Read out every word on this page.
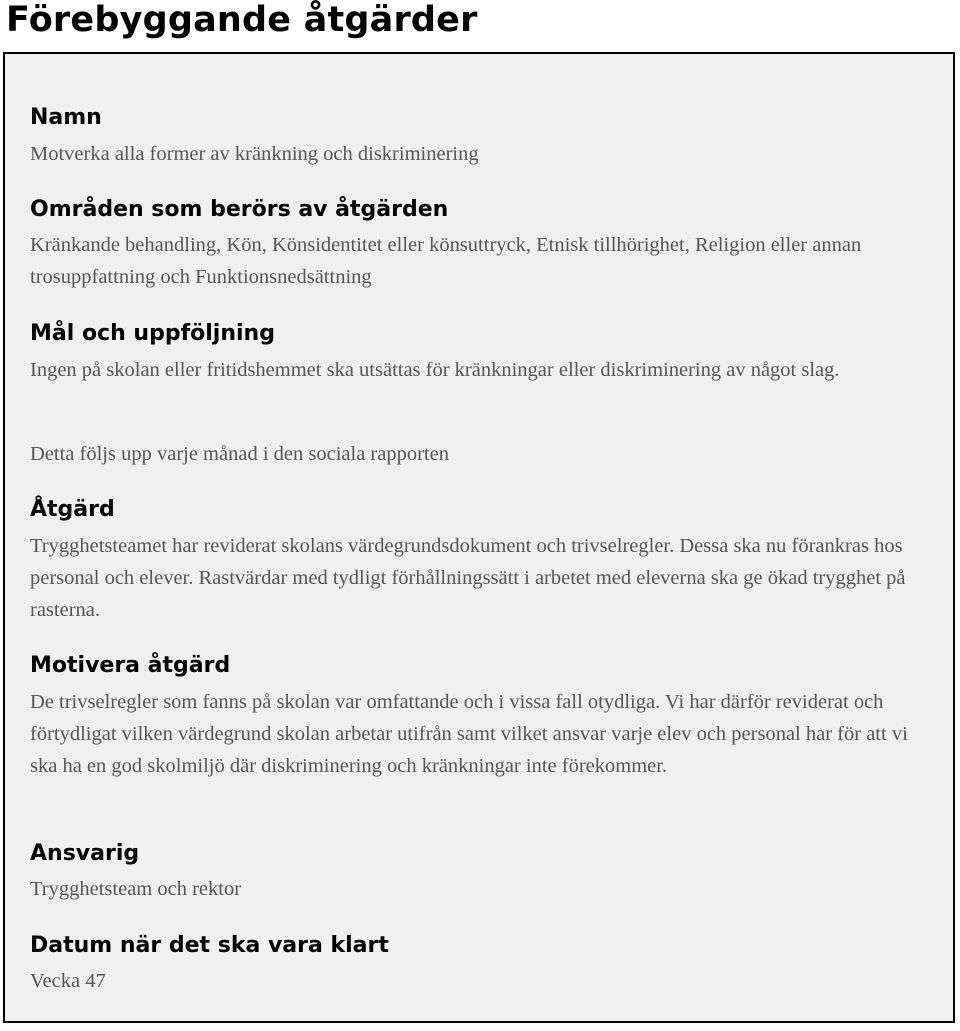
Förebyggande åtgärder
Namn

Motverka alla former av kränkning och diskriminering

Områden som berörs av åtgärden

Kränkande behandling, Kön, Könsidentitet eller könsuttryck, Etnisk tillhörighet, Religion eller annan trosuppfattning och Funktionsnedsättning

Mål och uppföljning

Ingen på skolan eller fritidshemmet ska utsättas för kränkningar eller diskriminering av något slag.

Detta följs upp varje månad i den sociala rapporten

Åtgärd

Trygghetsteamet har reviderat skolans värdegrundsdokument och trivselregler. Dessa ska nu förankras hos personal och elever. Rastvärdar med tydligt förhållningssätt i arbetet med eleverna ska ge ökad trygghet på rasterna.

Motivera åtgärd

De trivselregler som fanns på skolan var omfattande och i vissa fall otydliga. Vi har därför reviderat och förtydligat vilken värdegrund skolan arbetar utifrån samt vilket ansvar varje elev och personal har för att vi ska ha en god skolmiljö där diskriminering och kränkningar inte förekommer.

Ansvarig

Trygghetsteam och rektor

Datum när det ska vara klart

Vecka 47
